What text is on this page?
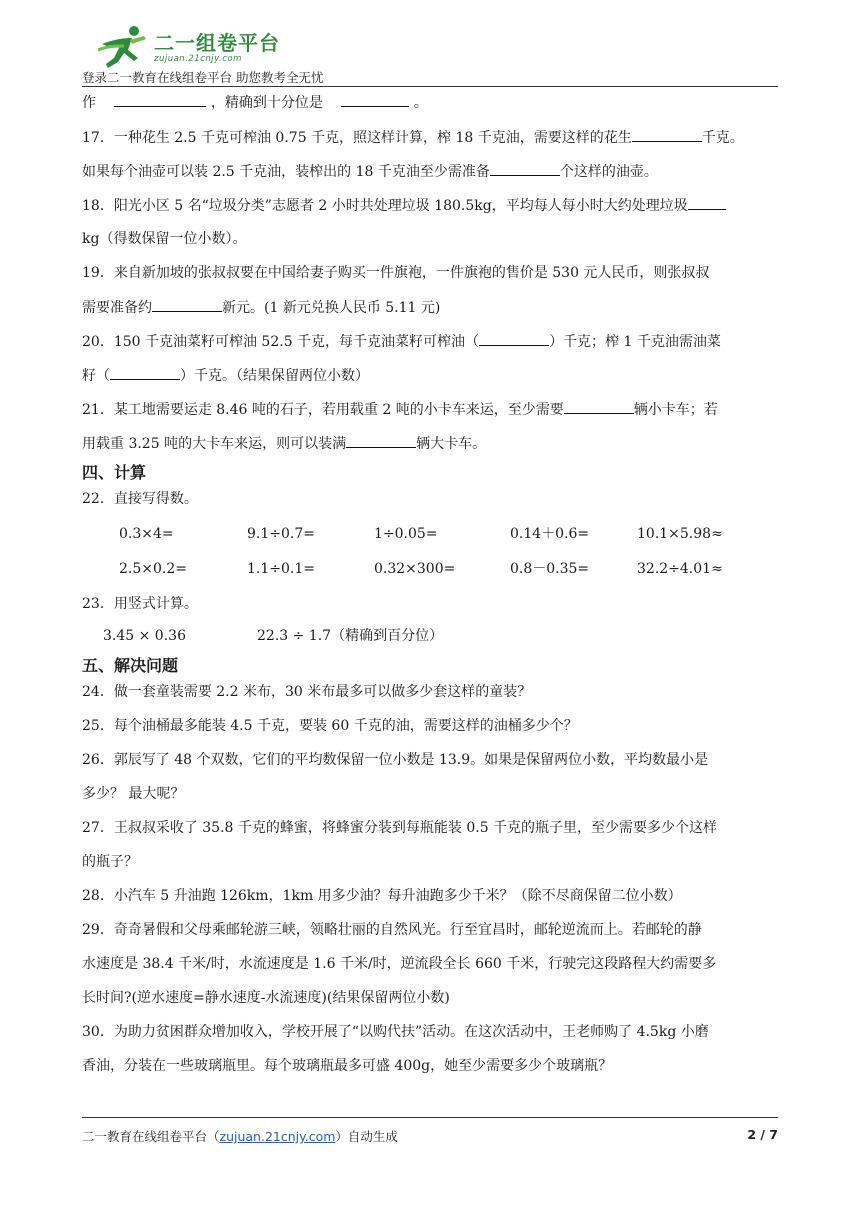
二一组卷平台
zujuan.21cnjy.com
登录二一教育在线组卷平台 助您教考全无忧
作	，精确到十分位是	。
17．一种花生 2.5 千克可榨油 0.75 千克，照这样计算，榨 18 千克油，需要这样的花生	千克。
如果每个油壶可以装 2.5 千克油，装榨出的 18 千克油至少需准备	个这样的油壶。
18．阳光小区 5 名“垃圾分类”志愿者 2 小时共处理垃圾 180.5kg，平均每人每小时大约处理垃圾
kg（得数保留一位小数）。
19．来自新加坡的张叔叔要在中国给妻子购买一件旗袍，一件旗袍的售价是 530 元人民币，则张叔叔
需要准备约	新元。(1 新元兑换人民币 5.11 元)
20．150 千克油菜籽可榨油 52.5 千克，每千克油菜籽可榨油（	）千克；榨 1 千克油需油菜
籽（	）千克。（结果保留两位小数）
21．某工地需要运走 8.46 吨的石子，若用载重 2 吨的小卡车来运，至少需要	辆小卡车；若
用载重 3.25 吨的大卡车来运，则可以装满	辆大卡车。
四、计算
22．直接写得数。
0.3×4=	9.1÷0.7=	1÷0.05=	0.14＋0.6=	10.1×5.98≈
2.5×0.2=	1.1÷0.1=	0.32×300=	0.8－0.35=	32.2÷4.01≈
23．用竖式计算。
3.45 × 0.36	22.3 ÷ 1.7（精确到百分位）
五、解决问题
24．做一套童装需要 2.2 米布，30 米布最多可以做多少套这样的童装？
25．每个油桶最多能装 4.5 千克，要装 60 千克的油，需要这样的油桶多少个？
26．郭辰写了 48 个双数，它们的平均数保留一位小数是 13.9。如果是保留两位小数，平均数最小是
多少？ 最大呢？
27．王叔叔采收了 35.8 千克的蜂蜜，将蜂蜜分装到每瓶能装 0.5 千克的瓶子里，至少需要多少个这样
的瓶子？
28．小汽车 5 升油跑 126km，1km 用多少油？每升油跑多少千米？（除不尽商保留二位小数）
29．奇奇暑假和父母乘邮轮游三峡，领略壮丽的自然风光。行至宜昌时，邮轮逆流而上。若邮轮的静
水速度是 38.4 千米/时，水流速度是 1.6 千米/时，逆流段全长 660 千米，行驶完这段路程大约需要多
长时间?(逆水速度=静水速度-水流速度)(结果保留两位小数)
30．为助力贫困群众增加收入，学校开展了“以购代扶”活动。在这次活动中，王老师购了 4.5kg 小磨
香油，分装在一些玻璃瓶里。每个玻璃瓶最多可盛 400g，她至少需要多少个玻璃瓶？
二一教育在线组卷平台（zujuan.21cnjy.com）自动生成	2 / 7
